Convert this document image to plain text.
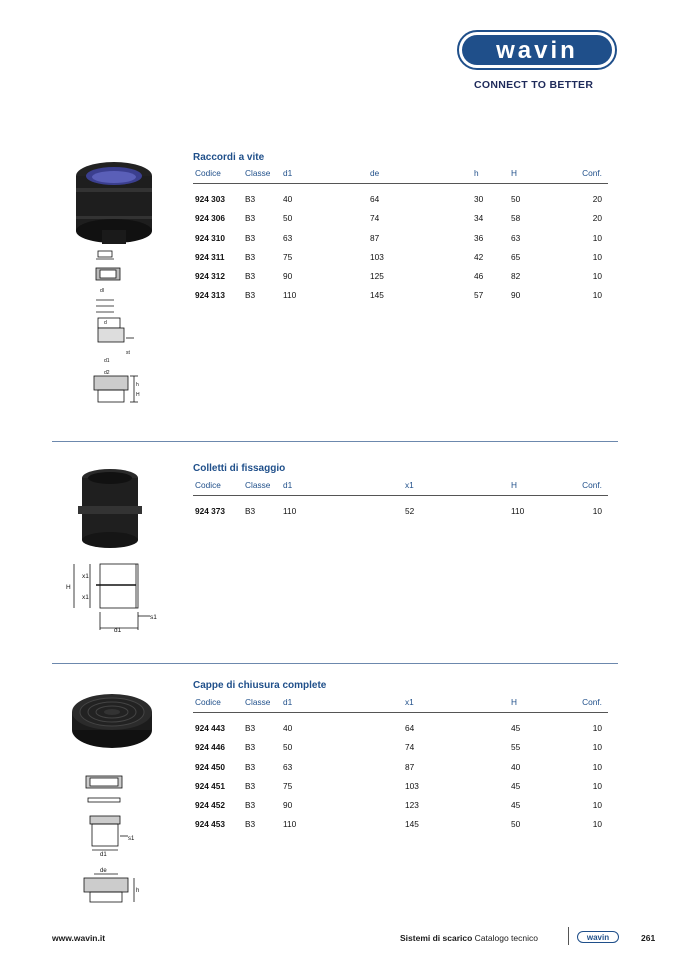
wavin
CONNECT TO BETTER
dl
d
st
d1
d2
h
H
Raccordi a vite
Codice	Classe d1	de	h	H	Conf.
924 303 B3	40	64	30	50	20
924 306 B3	50	74	34	58	20
924 310 B3	63	87	36	63	10
924 311 B3	75	103	42	65	10
924 312 B3	90	125	46	82	10
924 313 B3	110	145	57	90	10
x1
H
x1
s1
d1
Colletti di fissaggio
Codice	Classe d1	x1	H	Conf.
924 373 B3	110	52	110	10
s1
d1
de
h
Cappe di chiusura complete
Codice	Classe d1	x1	H	Conf.
924 443 B3	40	64	45	10
924 446 B3	50	74	55	10
924 450 B3	63	87	40	10
924 451 B3	75	103	45	10
924 452 B3	90	123	45	10
924 453 B3	110	145	50	10
www.wavin.it	Sistemi di scarico Catalogo tecnico	wavin	261
